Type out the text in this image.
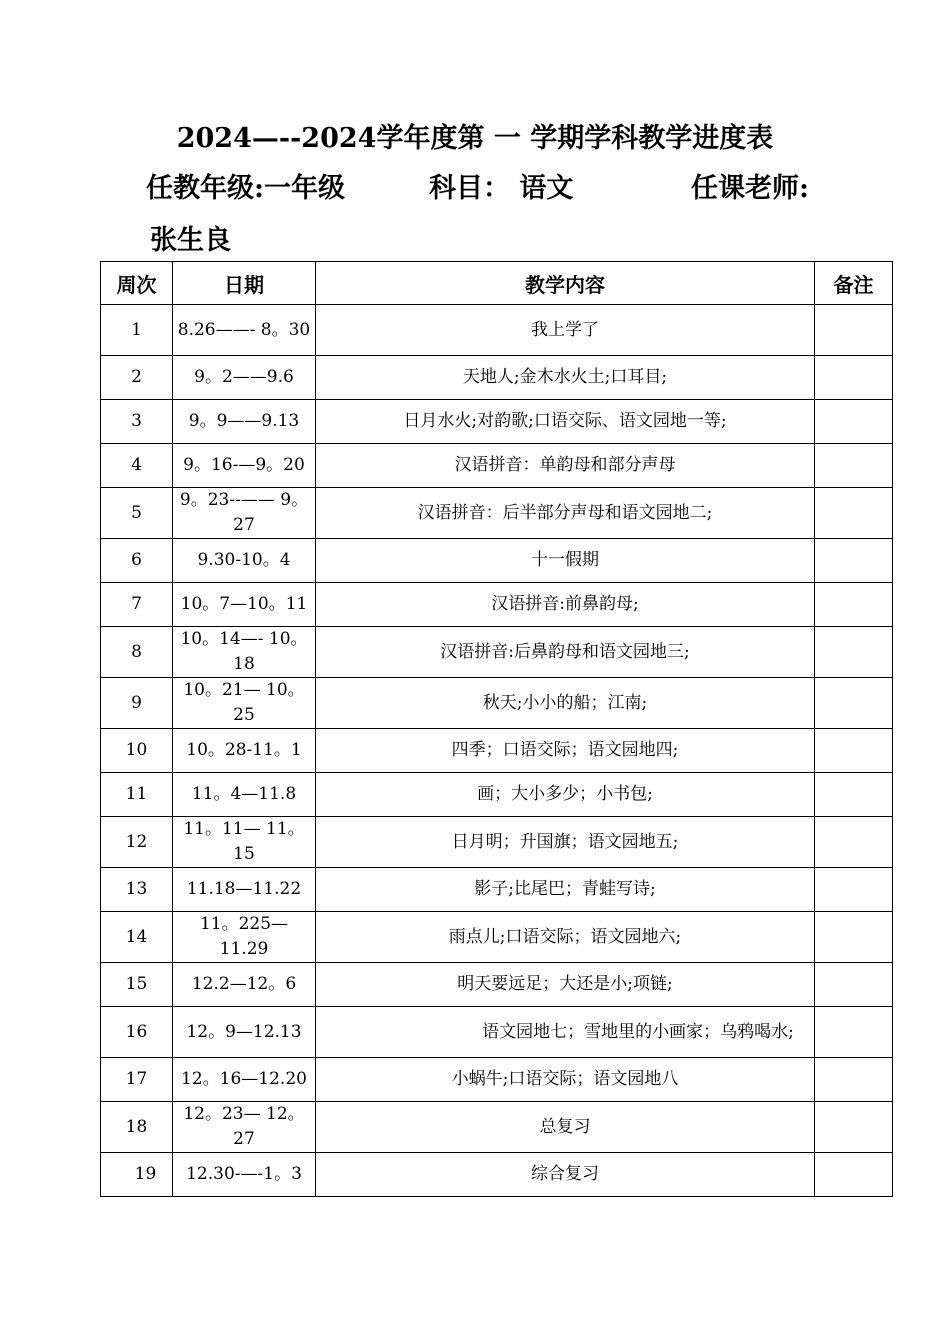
2024—--2024学年度第 一 学期学科教学进度表
任教年级:一年级	科目： 语文	任课老师:
张生良
周次	日期	教学内容	备注
1	8.26——- 8。30	我上学了	
2	9。2——9.6	天地人;金木水火土;口耳目;	
3	9。9——9.13	日月水火;对韵歌;口语交际、语文园地一等;	
4	9。16-—9。20	汉语拼音：单韵母和部分声母	
5	9。23--—— 9。27	汉语拼音：后半部分声母和语文园地二;	
6	9.30-10。4	十一假期	
7	10。7—10。11	汉语拼音:前鼻韵母;	
8	10。14—- 10。18	汉语拼音:后鼻韵母和语文园地三;	
9	10。21— 10。25	秋天;小小的船；江南;	
10	10。28-11。1	四季；口语交际；语文园地四;	
11	11。4—11.8	画；大小多少；小书包;	
12	11。11— 11。15	日月明；升国旗；语文园地五;	
13	11.18—11.22	影子;比尾巴；青蛙写诗;	
14	11。225— 11.29	雨点儿;口语交际；语文园地六;	
15	12.2—12。6	明天要远足；大还是小;项链;	
16	12。9—12.13	语文园地七；雪地里的小画家；乌鸦喝水;	
17	12。16—12.20	小蜗牛;口语交际；语文园地八	
18	12。23— 12。27	总复习	
19	12.30-—-1。3	综合复习	
